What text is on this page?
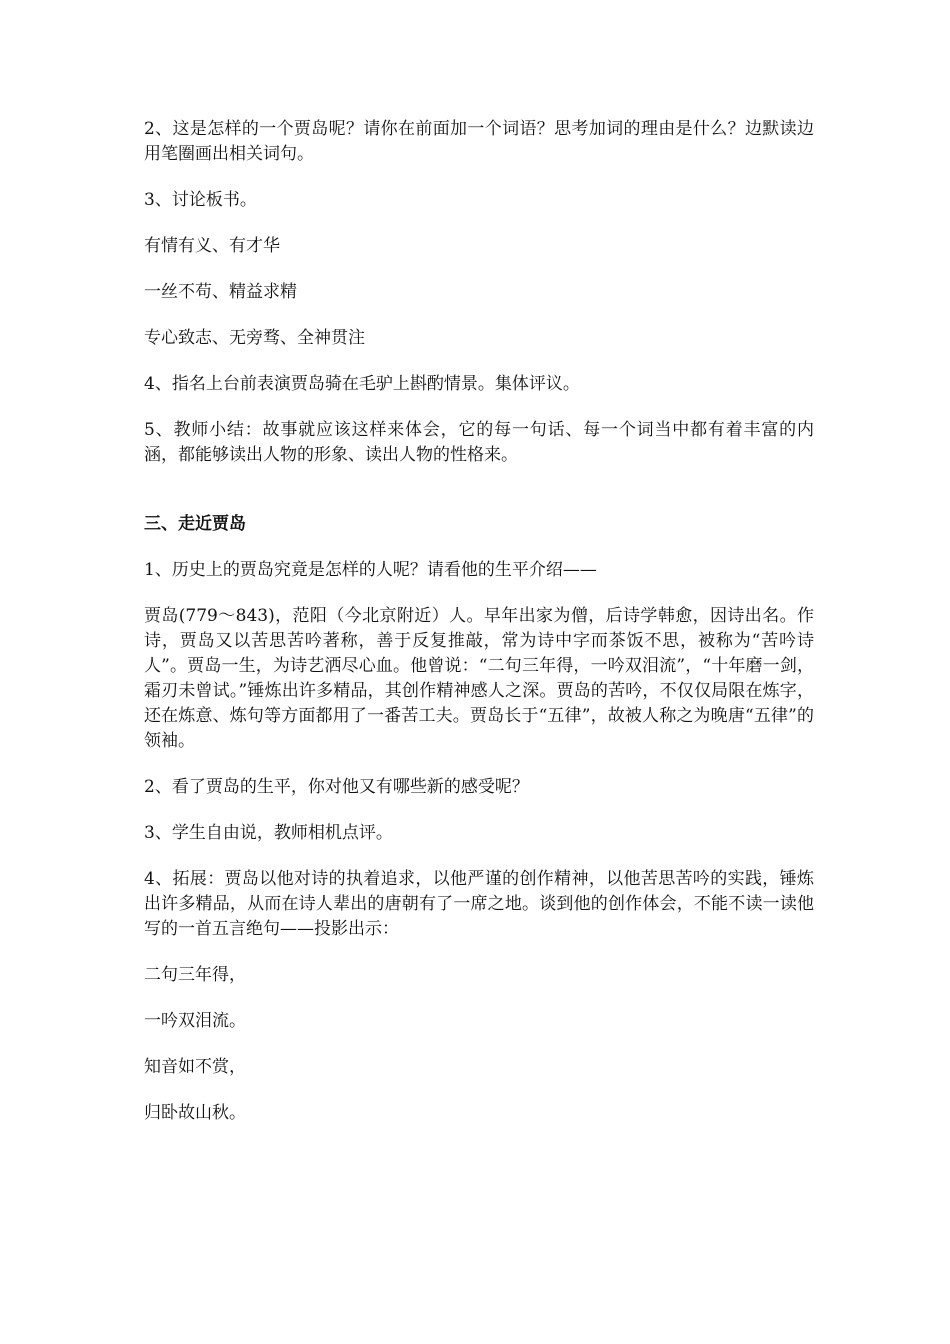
2、这是怎样的一个贾岛呢？请你在前面加一个词语？思考加词的理由是什么？边默读边用笔圈画出相关词句。

3、讨论板书。

有情有义、有才华

一丝不苟、精益求精

专心致志、无旁骛、全神贯注

4、指名上台前表演贾岛骑在毛驴上斟酌情景。集体评议。

5、教师小结：故事就应该这样来体会，它的每一句话、每一个词当中都有着丰富的内涵，都能够读出人物的形象、读出人物的性格来。

三、走近贾岛

1、历史上的贾岛究竟是怎样的人呢？请看他的生平介绍——

贾岛(779～843)，范阳（今北京附近）人。早年出家为僧，后诗学韩愈，因诗出名。作诗，贾岛又以苦思苦吟著称，善于反复推敲，常为诗中字而茶饭不思，被称为“苦吟诗人”。贾岛一生，为诗艺洒尽心血。他曾说：“二句三年得，一吟双泪流”，“十年磨一剑，霜刃未曾试。”锤炼出许多精品，其创作精神感人之深。贾岛的苦吟，不仅仅局限在炼字，还在炼意、炼句等方面都用了一番苦工夫。贾岛长于“五律”，故被人称之为晚唐“五律”的领袖。

2、看了贾岛的生平，你对他又有哪些新的感受呢？

3、学生自由说，教师相机点评。

4、拓展：贾岛以他对诗的执着追求，以他严谨的创作精神，以他苦思苦吟的实践，锤炼出许多精品，从而在诗人辈出的唐朝有了一席之地。谈到他的创作体会，不能不读一读他写的一首五言绝句——投影出示：

二句三年得，

一吟双泪流。

知音如不赏，

归卧故山秋。
